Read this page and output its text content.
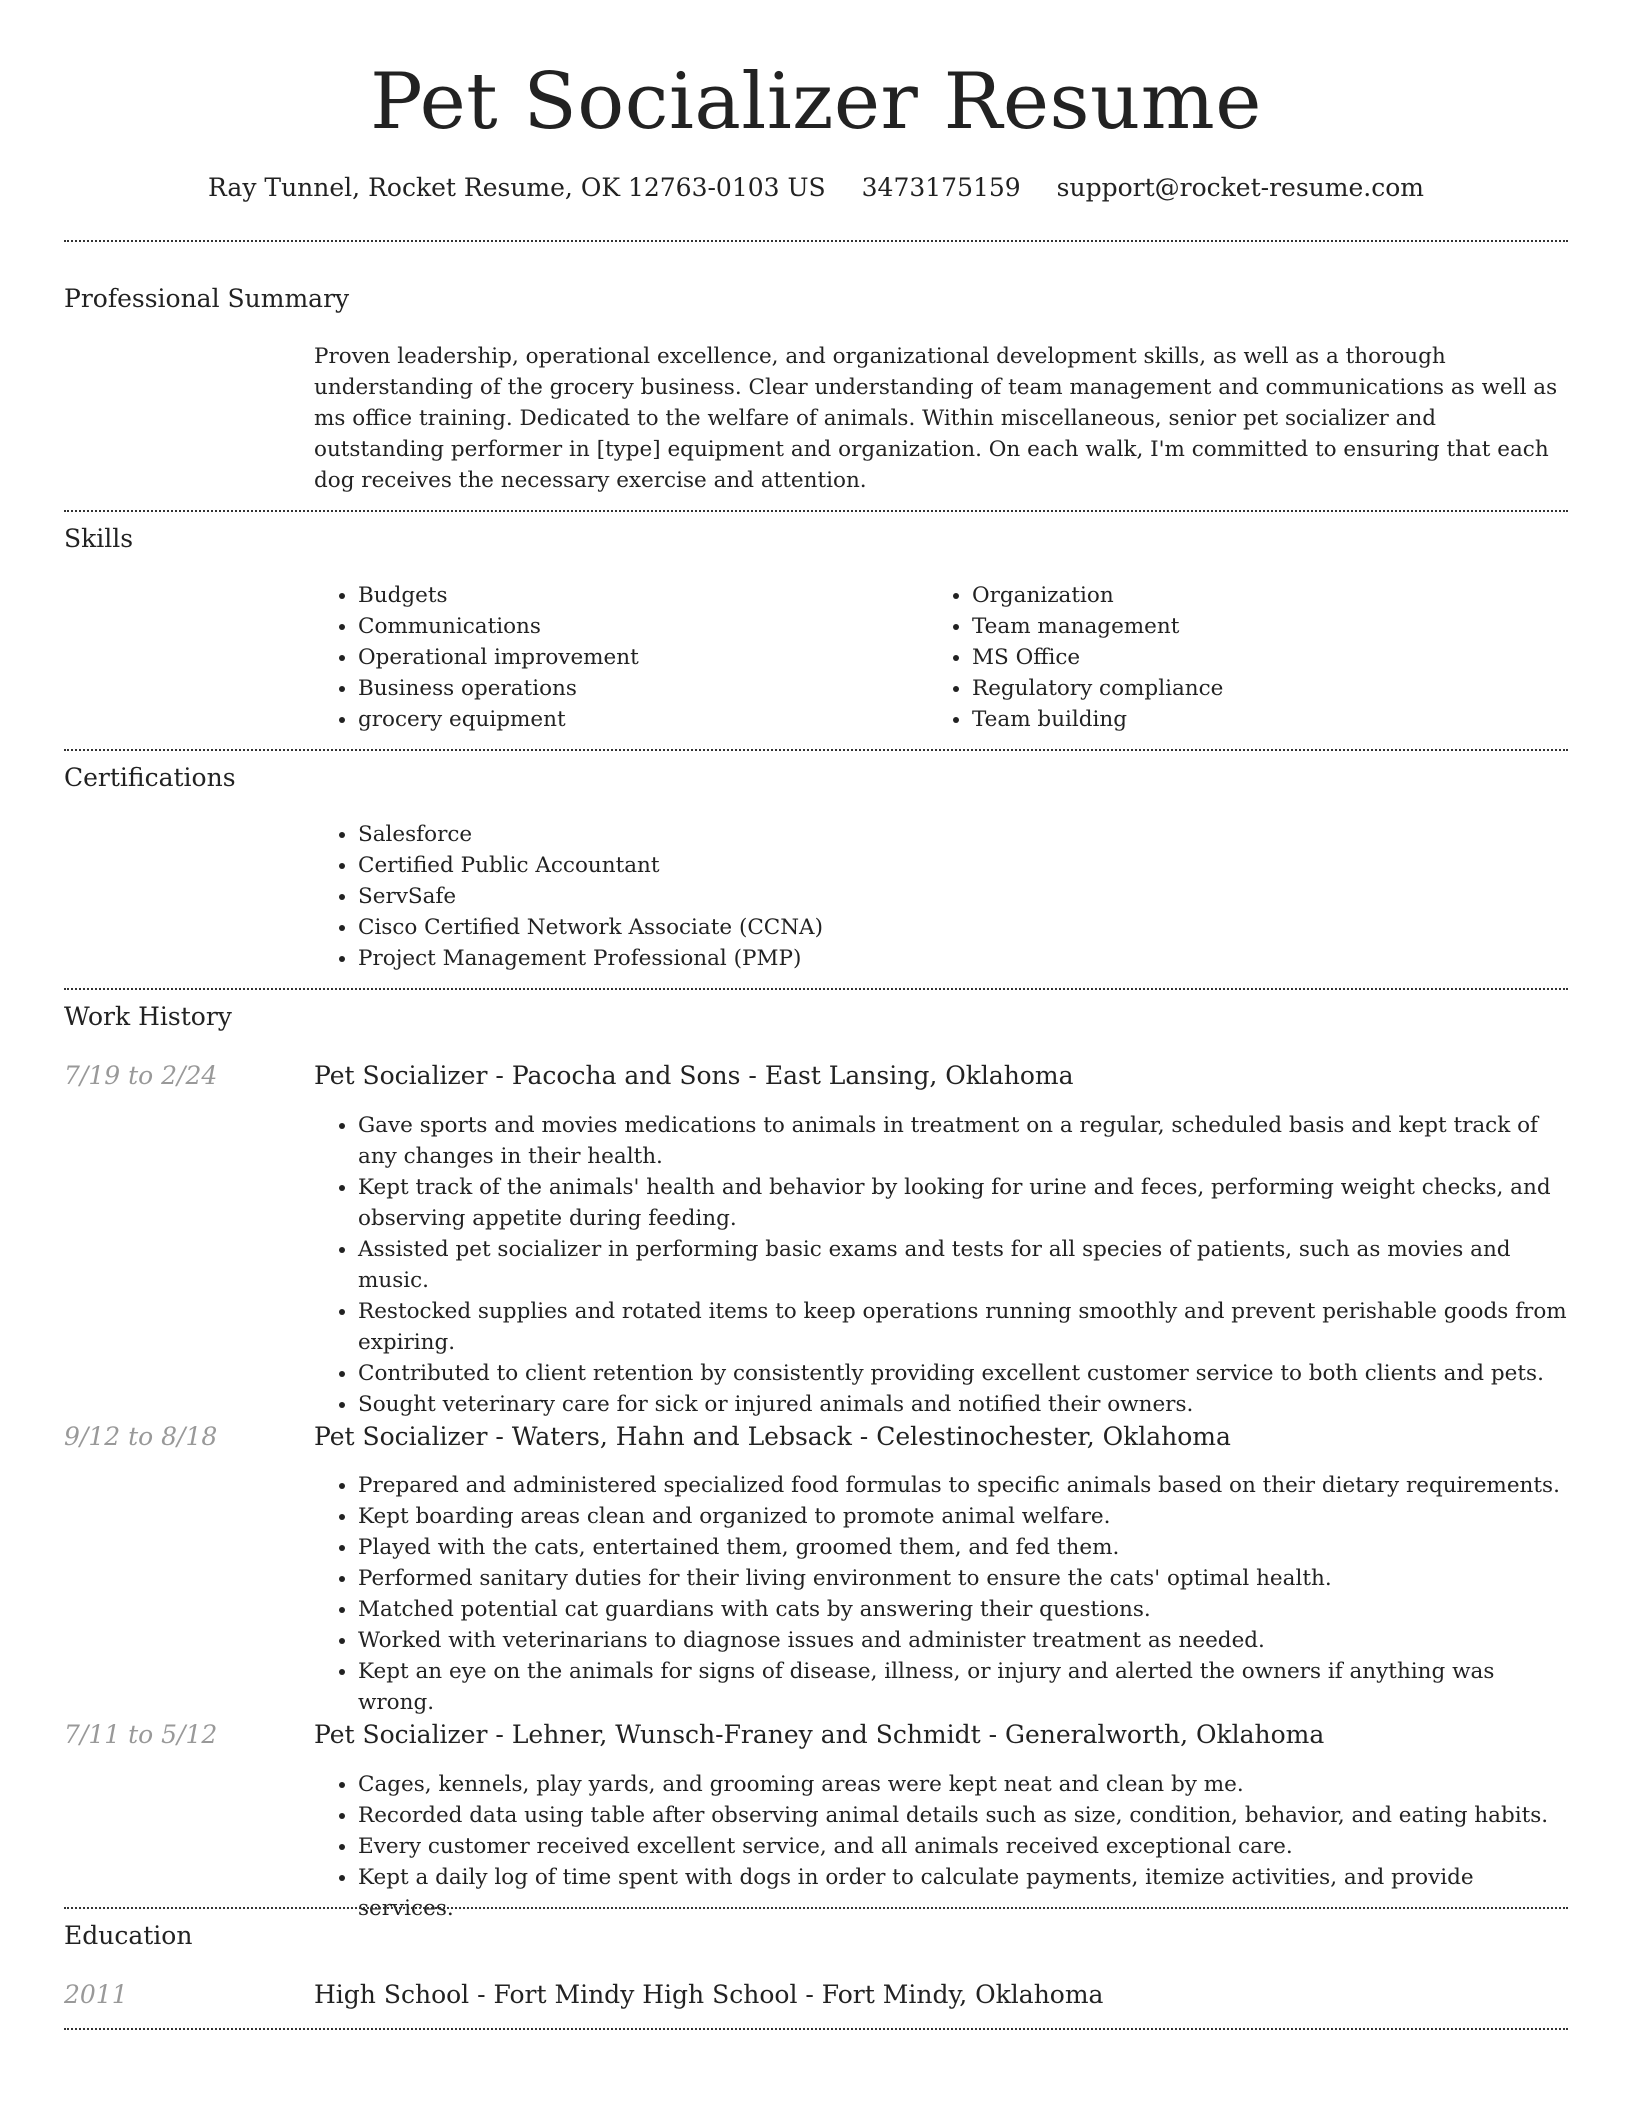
Pet Socializer Resume
Ray Tunnel, Rocket Resume, OK 12763-0103 US 3473175159 support@rocket-resume.com
Professional Summary
Proven leadership, operational excellence, and organizational development skills, as well as a thorough understanding of the grocery business. Clear understanding of team management and communications as well as ms office training. Dedicated to the welfare of animals. Within miscellaneous, senior pet socializer and outstanding performer in [type] equipment and organization. On each walk, I'm committed to ensuring that each dog receives the necessary exercise and attention.
Skills
• Budgets
• Communications
• Operational improvement
• Business operations
• grocery equipment
• Organization
• Team management
• MS Office
• Regulatory compliance
• Team building
Certifications
• Salesforce
• Certified Public Accountant
• ServSafe
• Cisco Certified Network Associate (CCNA)
• Project Management Professional (PMP)
Work History
7/19 to 2/24	Pet Socializer - Pacocha and Sons - East Lansing, Oklahoma
• Gave sports and movies medications to animals in treatment on a regular, scheduled basis and kept track of any changes in their health.
• Kept track of the animals' health and behavior by looking for urine and feces, performing weight checks, and observing appetite during feeding.
• Assisted pet socializer in performing basic exams and tests for all species of patients, such as movies and music.
• Restocked supplies and rotated items to keep operations running smoothly and prevent perishable goods from expiring.
• Contributed to client retention by consistently providing excellent customer service to both clients and pets.
• Sought veterinary care for sick or injured animals and notified their owners.
9/12 to 8/18	Pet Socializer - Waters, Hahn and Lebsack - Celestinochester, Oklahoma
• Prepared and administered specialized food formulas to specific animals based on their dietary requirements.
• Kept boarding areas clean and organized to promote animal welfare.
• Played with the cats, entertained them, groomed them, and fed them.
• Performed sanitary duties for their living environment to ensure the cats' optimal health.
• Matched potential cat guardians with cats by answering their questions.
• Worked with veterinarians to diagnose issues and administer treatment as needed.
• Kept an eye on the animals for signs of disease, illness, or injury and alerted the owners if anything was wrong.
7/11 to 5/12	Pet Socializer - Lehner, Wunsch-Franey and Schmidt - Generalworth, Oklahoma
• Cages, kennels, play yards, and grooming areas were kept neat and clean by me.
• Recorded data using table after observing animal details such as size, condition, behavior, and eating habits.
• Every customer received excellent service, and all animals received exceptional care.
• Kept a daily log of time spent with dogs in order to calculate payments, itemize activities, and provide services.
Education
2011	High School - Fort Mindy High School - Fort Mindy, Oklahoma
